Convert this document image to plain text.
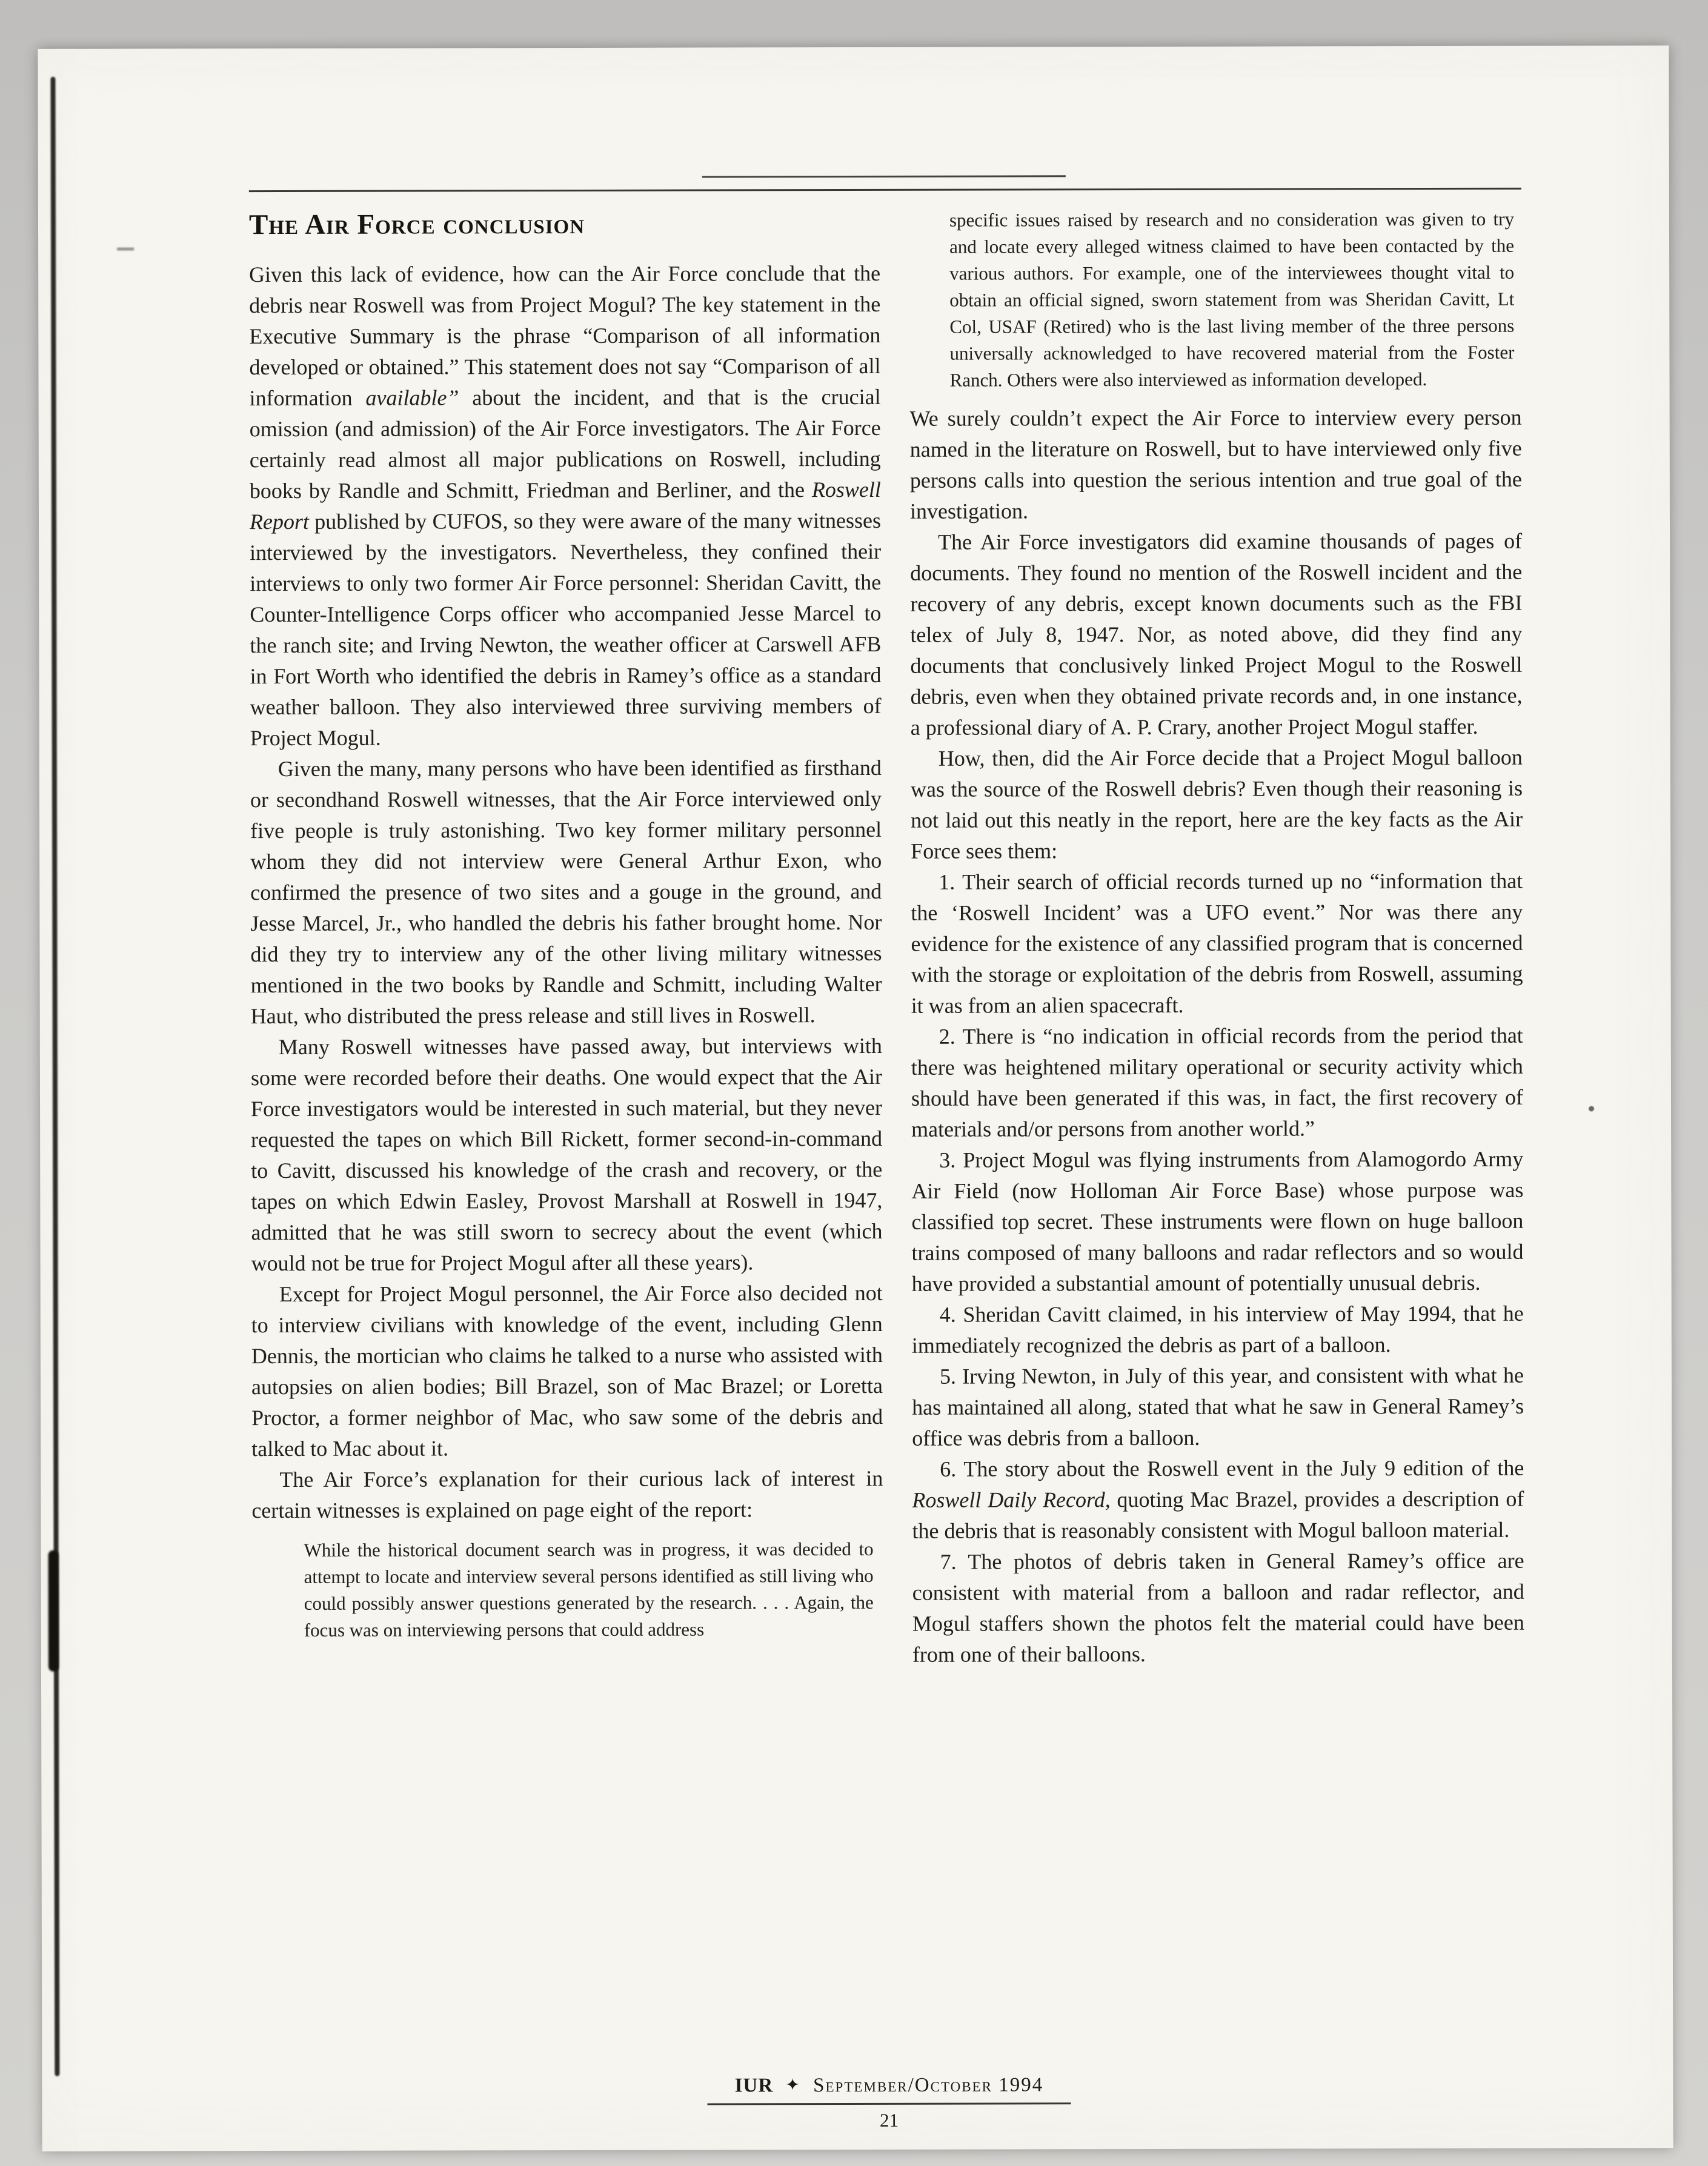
The Air Force conclusion

Given this lack of evidence, how can the Air Force conclude that the debris near Roswell was from Project Mogul? The key statement in the Executive Summary is the phrase “Comparison of all information developed or obtained.” This statement does not say “Comparison of all information available” about the incident, and that is the crucial omission (and admission) of the Air Force investigators. The Air Force certainly read almost all major publications on Roswell, including books by Randle and Schmitt, Friedman and Berliner, and the Roswell Report published by CUFOS, so they were aware of the many witnesses interviewed by the investigators. Nevertheless, they confined their interviews to only two former Air Force personnel: Sheridan Cavitt, the Counter-Intelligence Corps officer who accompanied Jesse Marcel to the ranch site; and Irving Newton, the weather officer at Carswell AFB in Fort Worth who identified the debris in Ramey’s office as a standard weather balloon. They also interviewed three surviving members of Project Mogul.

Given the many, many persons who have been identified as firsthand or secondhand Roswell witnesses, that the Air Force interviewed only five people is truly astonishing. Two key former military personnel whom they did not interview were General Arthur Exon, who confirmed the presence of two sites and a gouge in the ground, and Jesse Marcel, Jr., who handled the debris his father brought home. Nor did they try to interview any of the other living military witnesses mentioned in the two books by Randle and Schmitt, including Walter Haut, who distributed the press release and still lives in Roswell.

Many Roswell witnesses have passed away, but interviews with some were recorded before their deaths. One would expect that the Air Force investigators would be interested in such material, but they never requested the tapes on which Bill Rickett, former second-in-command to Cavitt, discussed his knowledge of the crash and recovery, or the tapes on which Edwin Easley, Provost Marshall at Roswell in 1947, admitted that he was still sworn to secrecy about the event (which would not be true for Project Mogul after all these years).

Except for Project Mogul personnel, the Air Force also decided not to interview civilians with knowledge of the event, including Glenn Dennis, the mortician who claims he talked to a nurse who assisted with autopsies on alien bodies; Bill Brazel, son of Mac Brazel; or Loretta Proctor, a former neighbor of Mac, who saw some of the debris and talked to Mac about it.

The Air Force’s explanation for their curious lack of interest in certain witnesses is explained on page eight of the report:

While the historical document search was in progress, it was decided to attempt to locate and interview several persons identified as still living who could possibly answer questions generated by the research. . . . Again, the focus was on interviewing persons that could address
specific issues raised by research and no consideration was given to try and locate every alleged witness claimed to have been contacted by the various authors. For example, one of the interviewees thought vital to obtain an official signed, sworn statement from was Sheridan Cavitt, Lt Col, USAF (Retired) who is the last living member of the three persons universally acknowledged to have recovered material from the Foster Ranch. Others were also interviewed as information developed.

We surely couldn’t expect the Air Force to interview every person named in the literature on Roswell, but to have interviewed only five persons calls into question the serious intention and true goal of the investigation.

The Air Force investigators did examine thousands of pages of documents. They found no mention of the Roswell incident and the recovery of any debris, except known documents such as the FBI telex of July 8, 1947. Nor, as noted above, did they find any documents that conclusively linked Project Mogul to the Roswell debris, even when they obtained private records and, in one instance, a professional diary of A. P. Crary, another Project Mogul staffer.

How, then, did the Air Force decide that a Project Mogul balloon was the source of the Roswell debris? Even though their reasoning is not laid out this neatly in the report, here are the key facts as the Air Force sees them:

1. Their search of official records turned up no “information that the ‘Roswell Incident’ was a UFO event.” Nor was there any evidence for the existence of any classified program that is concerned with the storage or exploitation of the debris from Roswell, assuming it was from an alien spacecraft.

2. There is “no indication in official records from the period that there was heightened military operational or security activity which should have been generated if this was, in fact, the first recovery of materials and/or persons from another world.”

3. Project Mogul was flying instruments from Alamogordo Army Air Field (now Holloman Air Force Base) whose purpose was classified top secret. These instruments were flown on huge balloon trains composed of many balloons and radar reflectors and so would have provided a substantial amount of potentially unusual debris.

4. Sheridan Cavitt claimed, in his interview of May 1994, that he immediately recognized the debris as part of a balloon.

5. Irving Newton, in July of this year, and consistent with what he has maintained all along, stated that what he saw in General Ramey’s office was debris from a balloon.

6. The story about the Roswell event in the July 9 edition of the Roswell Daily Record, quoting Mac Brazel, provides a description of the debris that is reasonably consistent with Mogul balloon material.

7. The photos of debris taken in General Ramey’s office are consistent with material from a balloon and radar reflector, and Mogul staffers shown the photos felt the material could have been from one of their balloons.

IUR ✦ September/October 1994
21
